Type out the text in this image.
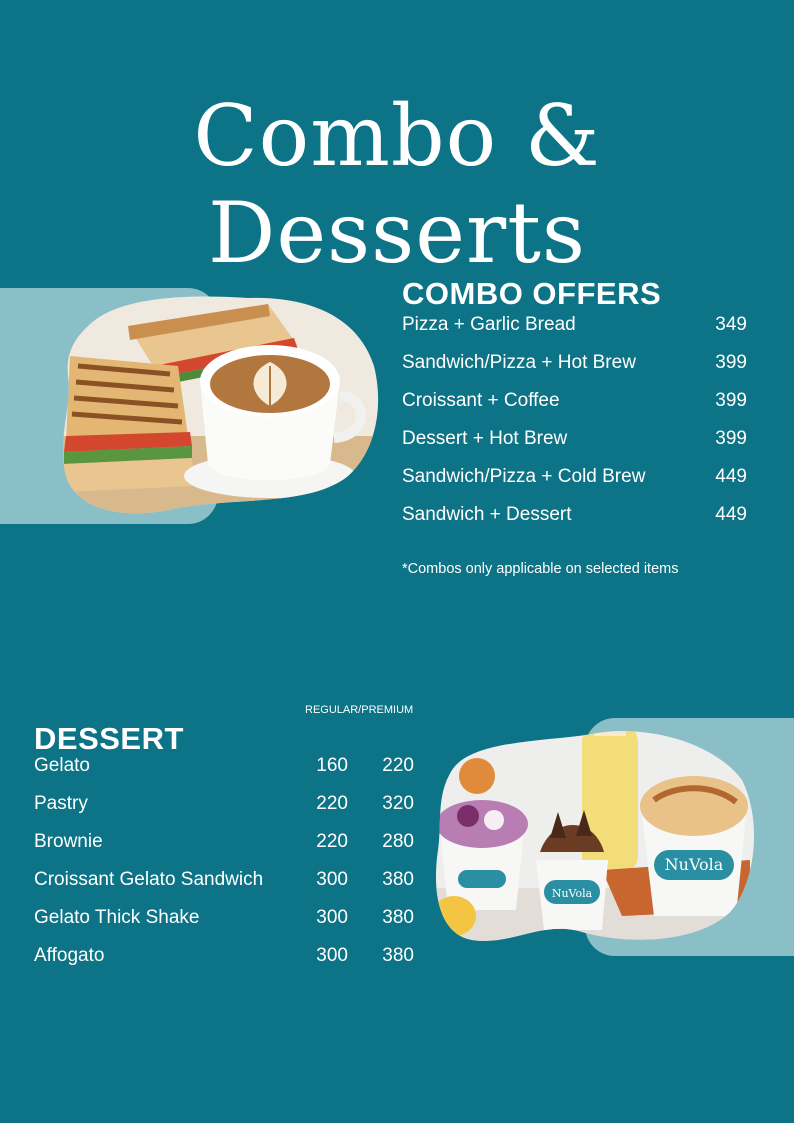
Combo & Desserts
COMBO OFFERS
Pizza + Garlic Bread	349
Sandwich/Pizza + Hot Brew	399
Croissant + Coffee	399
Dessert + Hot Brew	399
Sandwich/Pizza + Cold Brew	449
Sandwich + Dessert	449
*Combos only applicable on selected items
DESSERT
REGULAR/PREMIUM
Gelato	160 220
Pastry	220 320
Brownie	220 280
Croissant Gelato Sandwich	300 380
Gelato Thick Shake	300 380
Affogato	300 380
NuVola
NuVola
